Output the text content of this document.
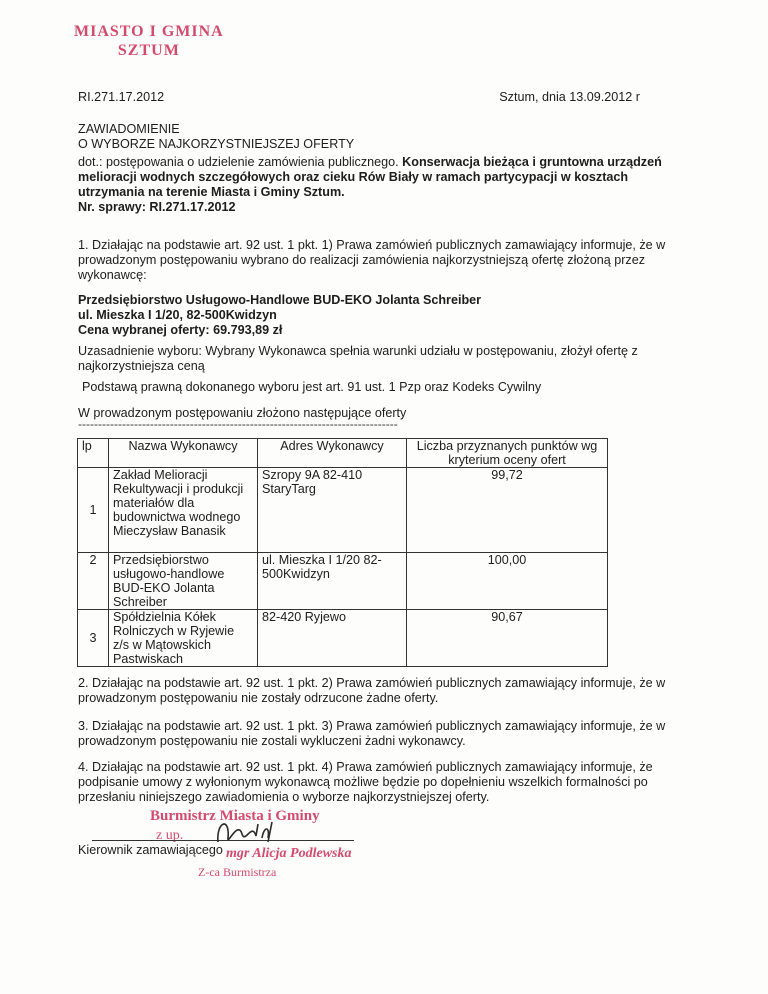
MIASTO I GMINA
SZTUM
RI.271.17.2012	Sztum, dnia 13.09.2012 r
ZAWIADOMIENIE
O WYBORZE NAJKORZYSTNIEJSZEJ OFERTY
dot.: postępowania o udzielenie zamówienia publicznego. Konserwacja bieżąca i gruntowna urządzeń melioracji wodnych szczegółowych oraz cieku Rów Biały w ramach partycypacji w kosztach utrzymania na terenie Miasta i Gminy Sztum.
Nr. sprawy: RI.271.17.2012
1. Działając na podstawie art. 92 ust. 1 pkt. 1) Prawa zamówień publicznych zamawiający informuje, że w prowadzonym postępowaniu wybrano do realizacji zamówienia najkorzystniejszą ofertę złożoną przez wykonawcę:
Przedsiębiorstwo Usługowo-Handlowe BUD-EKO Jolanta Schreiber
ul. Mieszka I 1/20, 82-500Kwidzyn
Cena wybranej oferty: 69.793,89 zł
Uzasadnienie wyboru: Wybrany Wykonawca spełnia warunki udziału w postępowaniu, złożył ofertę z najkorzystniejsza ceną
Podstawą prawną dokonanego wyboru jest art. 91 ust. 1 Pzp oraz Kodeks Cywilny
W prowadzonym postępowaniu złożono następujące oferty
--------------------------------------------------------------------------------
lp	Nazwa Wykonawcy	Adres Wykonawcy	Liczba przyznanych punktów wg kryterium oceny ofert
1	Zakład Melioracji Rekultywacji i produkcji materiałów dla budownictwa wodnego Mieczysław Banasik	Szropy 9A 82-410 StaryTarg	99,72
2	Przedsiębiorstwo usługowo-handlowe BUD-EKO Jolanta Schreiber	ul. Mieszka I 1/20 82-500Kwidzyn	100,00
3	Spółdzielnia Kółek Rolniczych w Ryjewie z/s w Mątowskich Pastwiskach	82-420 Ryjewo	90,67
2. Działając na podstawie art. 92 ust. 1 pkt. 2) Prawa zamówień publicznych zamawiający informuje, że w prowadzonym postępowaniu nie zostały odrzucone żadne oferty.
3. Działając na podstawie art. 92 ust. 1 pkt. 3) Prawa zamówień publicznych zamawiający informuje, że w prowadzonym postępowaniu nie zostali wykluczeni żadni wykonawcy.
4. Działając na podstawie art. 92 ust. 1 pkt. 4) Prawa zamówień publicznych zamawiający informuje, że podpisanie umowy z wyłonionym wykonawcą możliwe będzie po dopełnieniu wszelkich formalności po przesłaniu niniejszego zawiadomienia o wyborze najkorzystniejszej oferty.
Burmistrz Miasta i Gminy
z up.
Kierownik zamawiającego mgr Alicja Podlewska
Z-ca Burmistrza
